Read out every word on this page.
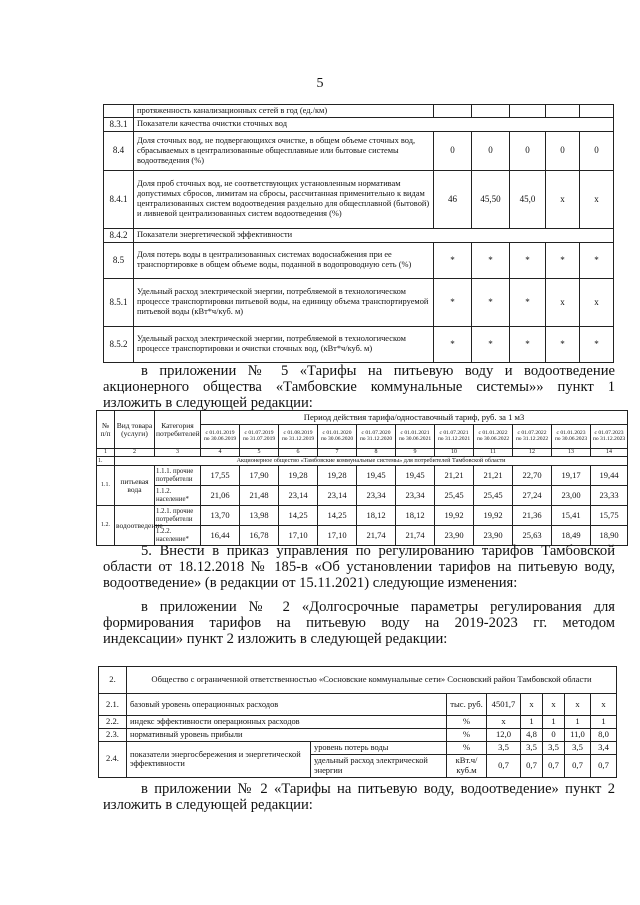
5
	протяженность канализационных сетей в год (ед./км)					
8.3.1	Показатели качества очистки сточных вод					
8.4	Доля сточных вод, не подвергающихся очистке, в общем объеме сточных вод, сбрасываемых в централизованные общесплавные или бытовые системы водоотведения (%)	0	0	0	0	0
8.4.1	Доля проб сточных вод, не соответствующих установленным нормативам допустимых сбросов, лимитам на сбросы, рассчитанная применительно к видам централизованных систем водоотведения раздельно для общесплавной (бытовой) и ливневой централизованных систем водоотведения (%)	46	45,50	45,0	x	x
8.4.2	Показатели энергетической эффективности					
8.5	Доля потерь воды в централизованных системах водоснабжения при ее транспортировке в общем объеме воды, поданной в водопроводную сеть (%)	*	*	*	*	*
8.5.1	Удельный расход электрической энергии, потребляемой в технологическом процессе транспортировки питьевой воды, на единицу объема транспортируемой питьевой воды (кВт*ч/куб. м)	*	*	*	x	x
8.5.2	Удельный расход электрической энергии, потребляемой в технологическом процессе транспортировки и очистки сточных вод, (кВт*ч/куб. м)	*	*	*	*	*
в приложении № 5 «Тарифы на питьевую воду и водоотведение
акционерного общества «Тамбовские коммунальные системы»» пункт 1
изложить в следующей редакции:
№ п/п	Вид товара (услуги)	Категория потребителей	Период действия тарифа/одноставочный тариф, руб. за 1 м3										
			с 01.01.2019 по 30.06.2019	с 01.07.2019 по 31.07.2019	с 01.08.2019 по 31.12.2019	с 01.01.2020 по 30.06.2020	с 01.07.2020 по 31.12.2020	с 01.01.2021 по 30.06.2021	с 01.07.2021 по 31.12.2021	с 01.01.2022 по 30.06.2022	с 01.07.2022 по 31.12.2022	с 01.01.2023 по 30.06.2023	с 01.07.2023 по 31.12.2023
1	2	3	4	5	6	7	8	9	10	11	12	13	14
1.	Акционерное общество «Тамбовские коммунальные системы» для потребителей Тамбовской области												
1.1.	питьевая вода	1.1.1. прочие потребители	17,55	17,90	19,28	19,28	19,45	19,45	21,21	21,21	22,70	19,17	19,44
		1.1.2. население*	21,06	21,48	23,14	23,14	23,34	23,34	25,45	25,45	27,24	23,00	23,33
1.2.	водоотведение	1.2.1. прочие потребители	13,70	13,98	14,25	14,25	18,12	18,12	19,92	19,92	21,36	15,41	15,75
		1.2.2. население*	16,44	16,78	17,10	17,10	21,74	21,74	23,90	23,90	25,63	18,49	18,90
5. Внести в приказ управления по регулированию тарифов Тамбовской
области от 18.12.2018 № 185-в «Об установлении тарифов на питьевую воду,
водоотведение» (в редакции от 15.11.2021) следующие изменения:
в приложении № 2 «Долгосрочные параметры регулирования для
формирования тарифов на питьевую воду на 2019-2023 гг. методом
индексации» пункт 2 изложить в следующей редакции:
2.	Общество с ограниченной ответственностью «Сосновские коммунальные сети» Сосновский район Тамбовской области							
2.1.	базовый уровень операционных расходов		тыс. руб.	4501,7	x	x	x	x
2.2.	индекс эффективности операционных расходов		%	x	1	1	1	1
2.3.	нормативный уровень прибыли		%	12,0	4,8	0	11,0	8,0
2.4.	показатели энергосбережения и энергетической эффективности	уровень потерь воды	%	3,5	3,5	3,5	3,5	3,4
		удельный расход электрической энергии	кВт.ч/куб.м	0,7	0,7	0,7	0,7	0,7
в приложении № 2 «Тарифы на питьевую воду, водоотведение» пункт 2
изложить в следующей редакции:
